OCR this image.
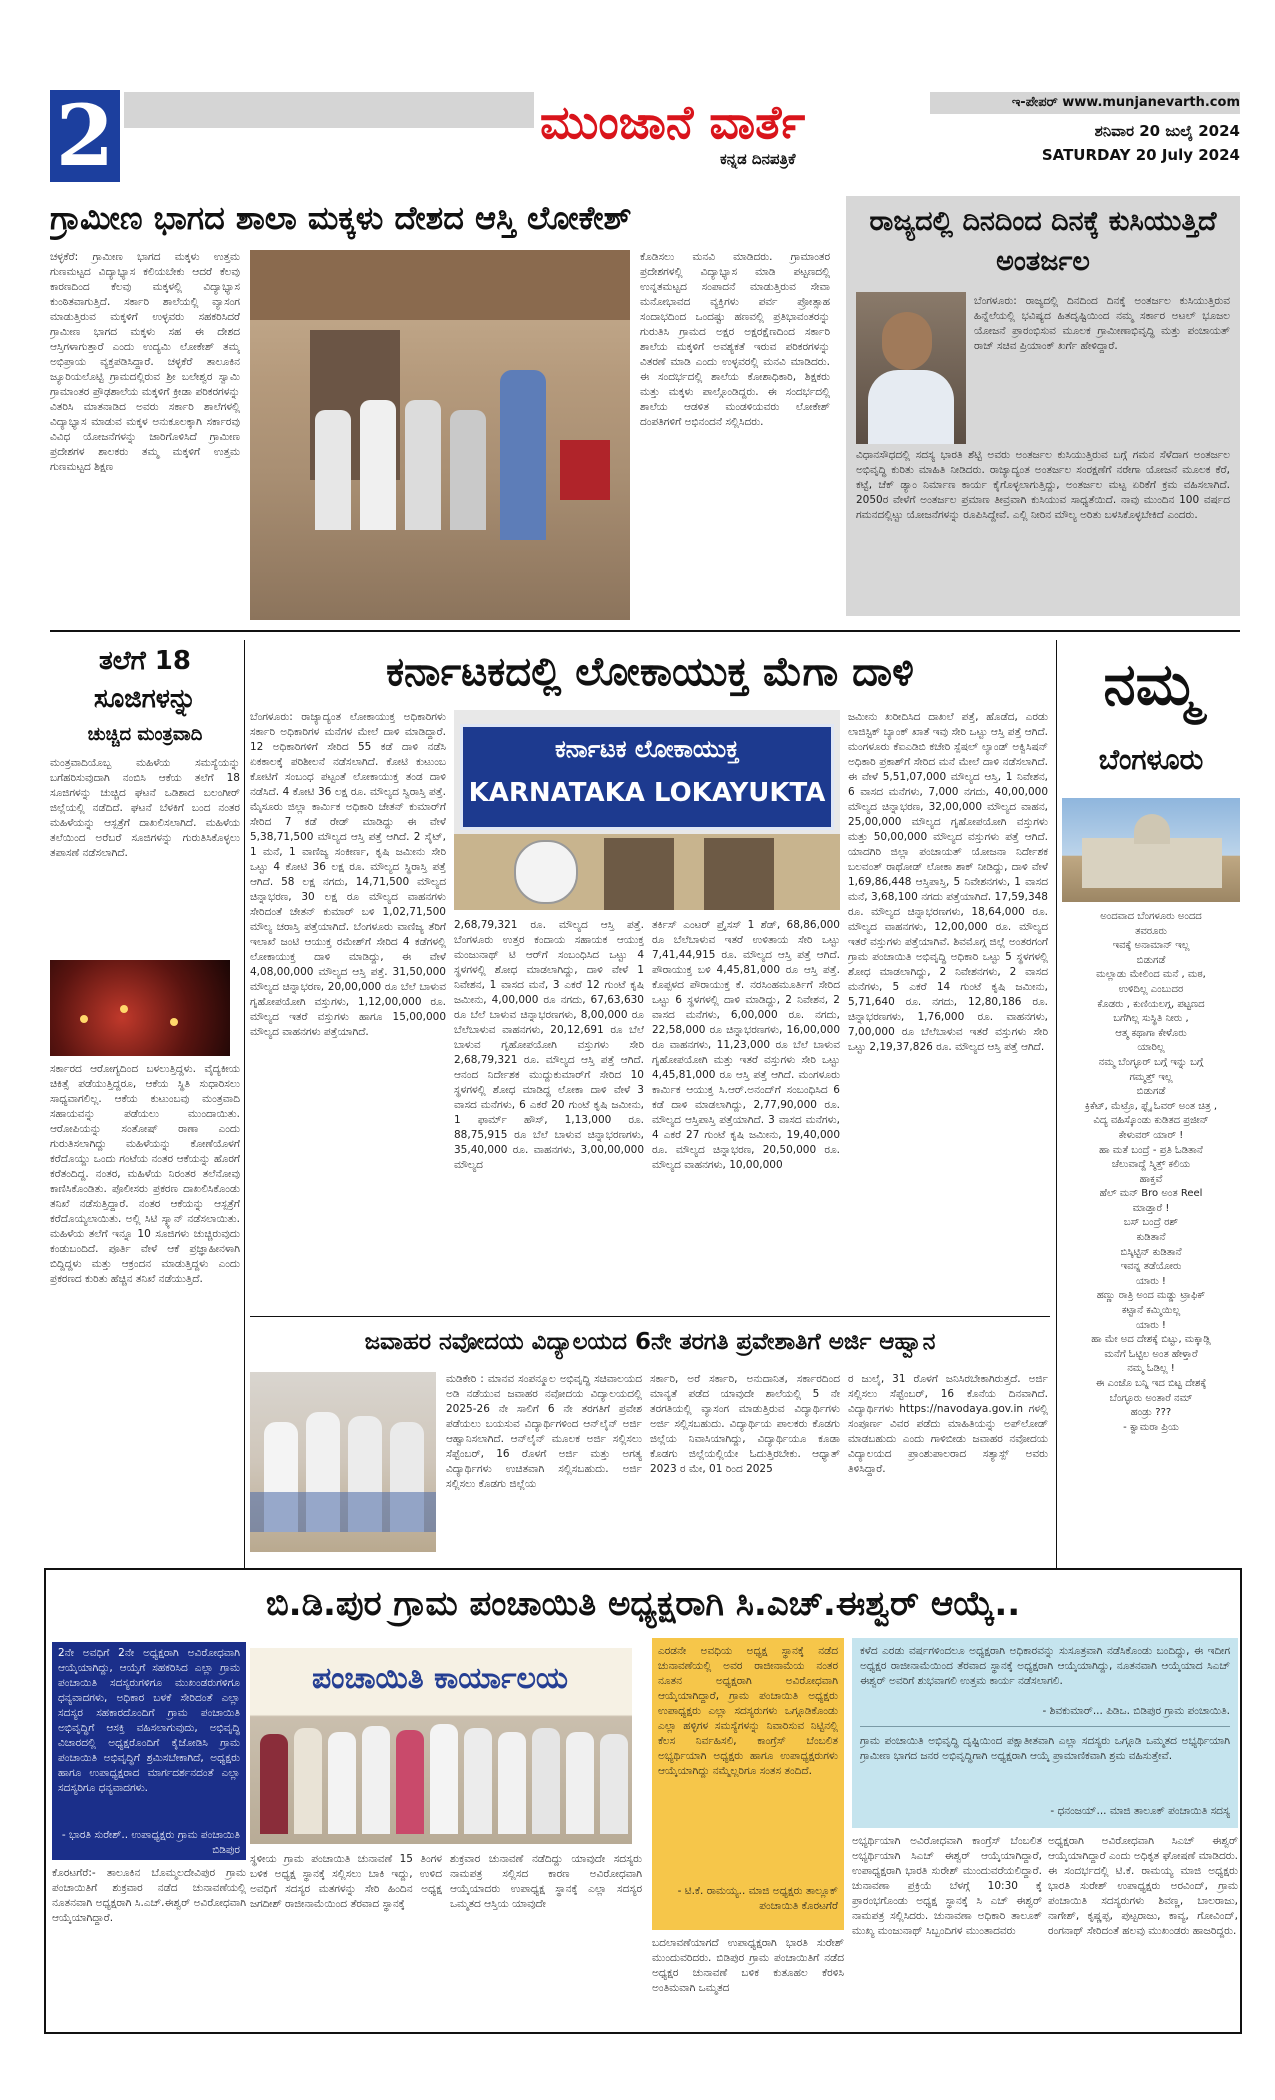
2	ಮುಂಜಾನೆ ವಾರ್ತೆ
ಕನ್ನಡ ದಿನಪತ್ರಿಕೆ
ಇ-ಪೇಪರ್ www.munjanevarth.com
ಶನಿವಾರ 20 ಜುಲೈ 2024
SATURDAY 20 July 2024
ಗ್ರಾಮೀಣ ಭಾಗದ ಶಾಲಾ ಮಕ್ಕಳು ದೇಶದ ಆಸ್ತಿ ಲೋಕೇಶ್
ಚಳ್ಳಕೆರೆ: ಗ್ರಾಮೀಣ ಭಾಗದ ಮಕ್ಕಳು ಉತ್ತಮ ಗುಣಮಟ್ಟದ ವಿದ್ಯಾಭ್ಯಾಸ ಕಲಿಯಬೇಕು ಆದರೆ ಕೆಲವು ಕಾರಣದಿಂದ ಕೆಲವು ಮಕ್ಕಳಲ್ಲಿ ವಿದ್ಯಾಭ್ಯಾಸ ಕುಂಠಿತವಾಗುತ್ತಿದೆ. ಸರ್ಕಾರಿ ಶಾಲೆಯಲ್ಲಿ ವ್ಯಾಸಂಗ ಮಾಡುತ್ತಿರುವ ಮಕ್ಕಳಿಗೆ ಉಳ್ಳವರು ಸಹಕರಿಸಿದರೆ ಗ್ರಾಮೀಣ ಭಾಗದ ಮಕ್ಕಳು ಸಹ ಈ ದೇಶದ ಆಸ್ತಿಗಳಾಗುತ್ತಾರೆ ಎಂದು ಉದ್ಯಮಿ ಲೋಕೇಶ್ ತಮ್ಮ ಅಭಿಪ್ರಾಯ ವ್ಯಕ್ತಪಡಿಸಿದ್ದಾರೆ. ಚಳ್ಳಕೆರೆ ತಾಲೂಕಿನ ಜ್ಯೂರಿಯಲೊಟ್ಟಿ ಗ್ರಾಮದಲ್ಲಿರುವ ಶ್ರೀ ಬಲೇಶ್ವರ ಸ್ವಾಮಿ ಗ್ರಾಮಾಂತರ ಪ್ರೌಢಶಾಲೆಯ ಮಕ್ಕಳಿಗೆ ಕ್ರೀಡಾ ಪರಿಕರಗಳನ್ನು ವಿತರಿಸಿ ಮಾತನಾಡಿದ ಅವರು ಸರ್ಕಾರಿ ಶಾಲೆಗಳಲ್ಲಿ ವಿದ್ಯಾಭ್ಯಾಸ ಮಾಡುವ ಮಕ್ಕಳ ಅನುಕೂಲಕ್ಕಾಗಿ ಸರ್ಕಾರವು ವಿವಿಧ ಯೋಜನೆಗಳನ್ನು ಜಾರಿಗೊಳಿಸಿದೆ ಗ್ರಾಮೀಣ ಪ್ರದೇಶಗಳ ಶಾಲಕರು ತಮ್ಮ ಮಕ್ಕಳಿಗೆ ಉತ್ತಮ ಗುಣಮಟ್ಟದ ಶಿಕ್ಷಣ
ಕೊಡಿಸಲು ಮನವಿ ಮಾಡಿದರು. ಗ್ರಾಮಾಂತರ ಪ್ರದೇಶಗಳಲ್ಲಿ ವಿದ್ಯಾಭ್ಯಾಸ ಮಾಡಿ ಪಟ್ಟಣದಲ್ಲಿ ಉನ್ನತಮಟ್ಟದ ಸಂಪಾದನೆ ಮಾಡುತ್ತಿರುವ ಸೇವಾ ಮನೋಭಾವದ ವ್ಯಕ್ತಿಗಳು ಪರ್ವ ಪ್ರೋತ್ಸಾಹ ಸಂದಾಭದಿಂದ ಒಂದಷ್ಟು ಹಣವಲ್ಲಿ ಪ್ರತಿಭಾವಂತರನ್ನು ಗುರುತಿಸಿ ಗ್ರಾಮದ ಅಕ್ಷರ ಅಕ್ಷರಕ್ಷೆಣದಿಂದ ಸರ್ಕಾರಿ ಶಾಲೆಯ ಮಕ್ಕಳಿಗೆ ಅವಶ್ಯಕತೆ ಇರುವ ಪರಿಕರಗಳನ್ನು ವಿತರಣೆ ಮಾಡಿ ಎಂದು ಉಳ್ಳವರಲ್ಲಿ ಮನವಿ ಮಾಡಿದರು. ಈ ಸಂದರ್ಭದಲ್ಲಿ ಶಾಲೆಯ ಕೋಶಾಧಿಕಾರಿ, ಶಿಕ್ಷಕರು ಮತ್ತು ಮಕ್ಕಳು ಪಾಲ್ಗೊಂಡಿದ್ದರು. ಈ ಸಂದರ್ಭದಲ್ಲಿ ಶಾಲೆಯ ಆಡಳಿತ ಮಂಡಳಿಯವರು ಲೋಕೇಶ್ ದಂಪತಿಗಳಿಗೆ ಅಭಿನಂದನೆ ಸಲ್ಲಿಸಿದರು.
ರಾಜ್ಯದಲ್ಲಿ ದಿನದಿಂದ ದಿನಕ್ಕೆ ಕುಸಿಯುತ್ತಿದೆ ಅಂತರ್ಜಲ
ಬೆಂಗಳೂರು: ರಾಜ್ಯದಲ್ಲಿ ದಿನದಿಂದ ದಿನಕ್ಕೆ ಅಂತರ್ಜಲ ಕುಸಿಯುತ್ತಿರುವ ಹಿನ್ನೆಲೆಯಲ್ಲಿ ಭವಿಷ್ಯದ ಹಿತದೃಷ್ಟಿಯಿಂದ ನಮ್ಮ ಸರ್ಕಾರ ಅಟಲ್ ಭೂಜಲ ಯೋಜನೆ ಪ್ರಾರಂಭಿಸುವ ಮೂಲಕ ಗ್ರಾಮೀಣಾಭಿವೃದ್ಧಿ ಮತ್ತು ಪಂಚಾಯತ್ ರಾಜ್ ಸಚಿವ ಪ್ರಿಯಾಂಕ್ ಖರ್ಗೆ ಹೇಳಿದ್ದಾರೆ.
ವಿಧಾನಸೌಧದಲ್ಲಿ ಸದಸ್ಯ ಭಾರತಿ ಶೆಟ್ಟಿ ಅವರು ಅಂತರ್ಜಲ ಕುಸಿಯುತ್ತಿರುವ ಬಗ್ಗೆ ಗಮನ ಸೆಳೆದಾಗ ಅಂತರ್ಜಲ ಅಭಿವೃದ್ಧಿ ಕುರಿತು ಮಾಹಿತಿ ನೀಡಿದರು. ರಾಜ್ಯಾದ್ಯಂತ ಅಂತರ್ಜಲ ಸಂರಕ್ಷಣೆಗೆ ನರೇಗಾ ಯೋಜನೆ ಮೂಲಕ ಕೆರೆ, ಕಟ್ಟೆ, ಚೆಕ್ ಡ್ಯಾಂ ನಿರ್ಮಾಣ ಕಾರ್ಯ ಕೈಗೊಳ್ಳಲಾಗುತ್ತಿದ್ದು, ಅಂತರ್ಜಲ ಮಟ್ಟ ಏರಿಕೆಗೆ ಕ್ರಮ ವಹಿಸಲಾಗಿದೆ. 2050ರ ವೇಳೆಗೆ ಅಂತರ್ಜಲ ಪ್ರಮಾಣ ತೀವ್ರವಾಗಿ ಕುಸಿಯುವ ಸಾಧ್ಯತೆಯಿದೆ. ನಾವು ಮುಂದಿನ 100 ವರ್ಷದ ಗಮನದಲ್ಲಿಟ್ಟು ಯೋಜನೆಗಳನ್ನು ರೂಪಿಸಿದ್ದೇವೆ. ಎಲ್ಲಿ ನೀರಿನ ಮೌಲ್ಯ ಅರಿತು ಬಳಸಿಕೊಳ್ಳಬೇಕಿದೆ ಎಂದರು.
ತಲೆಗೆ 18
ಸೂಜಿಗಳನ್ನು
ಚುಚ್ಚಿದ ಮಂತ್ರವಾದಿ
ಮಂತ್ರವಾದಿಯೊಬ್ಬ ಮಹಿಳೆಯ ಸಮಸ್ಯೆಯನ್ನು ಬಗೆಹರಿಸುವುದಾಗಿ ನಂಬಿಸಿ ಆಕೆಯ ತಲೆಗೆ 18 ಸೂಜಿಗಳನ್ನು ಚುಚ್ಚಿದ ಘಟನೆ ಒಡಿಶಾದ ಬಲಂಗೀರ್ ಜಿಲ್ಲೆಯಲ್ಲಿ ನಡೆದಿದೆ. ಘಟನೆ ಬೆಳಕಿಗೆ ಬಂದ ನಂತರ ಮಹಿಳೆಯನ್ನು ಆಸ್ಪತ್ರೆಗೆ ದಾಖಲಿಸಲಾಗಿದೆ. ಮಹಿಳೆಯ ತಲೆಯಿಂದ ಅರೆಬರೆ ಸೂಜಿಗಳನ್ನು ಗುರುತಿಸಿಕೊಳ್ಳಲು ತಪಾಸಣೆ ನಡೆಸಲಾಗಿದೆ.
ಸರ್ಕಾರದ ಆರೋಗ್ಯದಿಂದ ಬಳಲುತ್ತಿದ್ದಳು. ವೈದ್ಯಕೀಯ ಚಿಕಿತ್ಸೆ ಪಡೆಯುತ್ತಿದ್ದರೂ, ಆಕೆಯ ಸ್ಥಿತಿ ಸುಧಾರಿಸಲು ಸಾಧ್ಯವಾಗಲಿಲ್ಲ. ಆಕೆಯ ಕುಟುಂಬವು ಮಂತ್ರವಾದಿ ಸಹಾಯವನ್ನು ಪಡೆಯಲು ಮುಂದಾಯಿತು. ಆರೋಪಿಯನ್ನು ಸಂತೋಷ್ ರಾಣಾ ಎಂದು ಗುರುತಿಸಲಾಗಿದ್ದು ಮಹಿಳೆಯನ್ನು ಕೋಣೆಯೊಳಗೆ ಕರೆದೊಯ್ದು ಒಂದು ಗಂಟೆಯ ನಂತರ ಆಕೆಯನ್ನು ಹೊರಗೆ ಕರೆತಂದಿದ್ದ. ನಂತರ, ಮಹಿಳೆಯ ನಿರಂತರ ತಲೆನೋವು ಕಾಣಿಸಿಕೊಂಡಿತು. ಪೊಲೀಸರು ಪ್ರಕರಣ ದಾಖಲಿಸಿಕೊಂಡು ತನಿಖೆ ನಡೆಸುತ್ತಿದ್ದಾರೆ. ನಂತರ ಆಕೆಯನ್ನು ಆಸ್ಪತ್ರೆಗೆ ಕರೆದೊಯ್ಯಲಾಯಿತು. ಅಲ್ಲಿ ಸಿಟಿ ಸ್ಕ್ಯಾನ್ ನಡೆಸಲಾಯಿತು. ಮಹಿಳೆಯ ತಲೆಗೆ ಇನ್ನೂ 10 ಸೂಜಿಗಳು ಚುಚ್ಚಿರುವುದು ಕಂಡುಬಂದಿದೆ. ಪೂರ್ತಿ ವೇಳೆ ಆಕೆ ಪ್ರಜ್ಞಾಹೀನಳಾಗಿ ಬಿದ್ದಿದ್ದಳು ಮತ್ತು ಆಕ್ರಂದನ ಮಾಡುತ್ತಿದ್ದಳು ಎಂದು ಪ್ರಕರಣದ ಕುರಿತು ಹೆಚ್ಚಿನ ತನಿಖೆ ನಡೆಯುತ್ತಿದೆ.
ಕರ್ನಾಟಕದಲ್ಲಿ ಲೋಕಾಯುಕ್ತ ಮೆಗಾ ದಾಳಿ
ಬೆಂಗಳೂರು: ರಾಜ್ಯಾದ್ಯಂತ ಲೋಕಾಯುಕ್ತ ಅಧಿಕಾರಿಗಳು ಸರ್ಕಾರಿ ಅಧಿಕಾರಿಗಳ ಮನೆಗಳ ಮೇಲೆ ದಾಳಿ ಮಾಡಿದ್ದಾರೆ. 12 ಅಧಿಕಾರಿಗಳಿಗೆ ಸೇರಿದ 55 ಕಡೆ ದಾಳಿ ನಡೆಸಿ ಏಕಕಾಲಕ್ಕೆ ಪರಿಶೀಲನೆ ನಡೆಸಲಾಗಿದೆ. ಕೋಟಿ ಕುಟುಂಬ ಕೋಟಿಗೆ ಸಂಬಂಧ ಪಟ್ಟಂತೆ ಲೋಕಾಯುಕ್ತ ತಂಡ ದಾಳಿ ನಡೆಸಿದೆ. 4 ಕೋಟಿ 36 ಲಕ್ಷ ರೂ. ಮೌಲ್ಯದ ಸ್ವಿರಾಸ್ತಿ ಪತ್ತೆ. ಮೈಸೂರು ಜಿಲ್ಲಾ ಕಾರ್ಮಿಕ ಅಧಿಕಾರಿ ಚೇತನ್ ಕುಮಾರ್‌ಗೆ ಸೇರಿದ 7 ಕಡೆ ರೇಡ್ ಮಾಡಿದ್ದು ಈ ವೇಳೆ 5,38,71,500 ಮೌಲ್ಯದ ಆಸ್ತಿ ಪತ್ತೆ ಆಗಿದೆ. 2 ಸೈಟ್, 1 ಮನೆ, 1 ವಾಣಿಜ್ಯ ಸಂಕೀರ್ಣ, ಕೃಷಿ ಜಮೀನು ಸೇರಿ ಒಟ್ಟು 4 ಕೋಟಿ 36 ಲಕ್ಷ ರೂ. ಮೌಲ್ಯದ ಸ್ಥಿರಾಸ್ತಿ ಪತ್ತೆ ಆಗಿದೆ. 58 ಲಕ್ಷ ನಗದು, 14,71,500 ಮೌಲ್ಯದ ಚಿನ್ನಾಭರಣ, 30 ಲಕ್ಷ ರೂ ಮೌಲ್ಯದ ವಾಹನಗಳು ಸೇರಿದಂತೆ ಚೇತನ್ ಕುಮಾರ್ ಬಳಿ 1,02,71,500 ಮೌಲ್ಯ ಚರಾಸ್ತಿ ಪತ್ತೆಯಾಗಿದೆ. ಬೆಂಗಳೂರು ವಾಣಿಜ್ಯ ತೆರಿಗೆ ಇಲಾಖೆ ಜಂಟಿ ಆಯುಕ್ತ ರಮೇಶ್‌ಗೆ ಸೇರಿದ 4 ಕಡೆಗಳಲ್ಲಿ ಲೋಕಾಯುಕ್ತ ದಾಳಿ ಮಾಡಿದ್ದು, ಈ ವೇಳೆ 4,08,00,000 ಮೌಲ್ಯದ ಆಸ್ತಿ ಪತ್ತೆ. 31,50,000 ಮೌಲ್ಯದ ಚಿನ್ನಾಭರಣ, 20,00,000 ರೂ ಬೆಲೆ ಬಾಳುವ ಗೃಹೋಪಯೋಗಿ ವಸ್ತುಗಳು, 1,12,00,000 ರೂ. ಮೌಲ್ಯದ ಇತರೆ ವಸ್ತುಗಳು ಹಾಗೂ 15,00,000 ಮೌಲ್ಯದ ವಾಹನಗಳು ಪತ್ತೆಯಾಗಿದೆ.
ಕರ್ನಾಟಕ ಲೋಕಾಯುಕ್ತ
KARNATAKA LOKAYUKTA
2,68,79,321 ರೂ. ಮೌಲ್ಯದ ಆಸ್ತಿ ಪತ್ತೆ. ಬೆಂಗಳೂರು ಉತ್ತರ ಕಂದಾಯ ಸಹಾಯಕ ಆಯುಕ್ತ ಮಂಜುನಾಥ್ ಟಿ ಆರ್‌ಗೆ ಸಂಬಂಧಿಸಿದ ಒಟ್ಟು 4 ಸ್ಥಳಗಳಲ್ಲಿ ಶೋಧ ಮಾಡಲಾಗಿದ್ದು, ದಾಳಿ ವೇಳೆ 1 ನಿವೇಶನ, 1 ವಾಸದ ಮನೆ, 3 ಎಕರೆ 12 ಗುಂಟೆ ಕೃಷಿ ಜಮೀನು, 4,00,000 ರೂ ನಗದು, 67,63,630 ರೂ ಬೆಲೆ ಬಾಳುವ ಚಿನ್ನಾಭರಣಗಳು, 8,00,000 ರೂ ಬೆಲೆಬಾಳುವ ವಾಹನಗಳು, 20,12,691 ರೂ ಬೆಲೆ ಬಾಳುವ ಗೃಹೋಪಯೋಗಿ ವಸ್ತುಗಳು ಸೇರಿ 2,68,79,321 ರೂ. ಮೌಲ್ಯದ ಆಸ್ತಿ ಪತ್ತೆ ಆಗಿದೆ. ಆನಂದ ನಿರ್ದೇಶಕ ಮುದ್ದುಕುಮಾರ್‌ಗೆ ಸೇರಿದ 10 ಸ್ಥಳಗಳಲ್ಲಿ ಶೋಧ ಮಾಡಿದ್ದ ಲೋಕಾ ದಾಳಿ ವೇಳೆ 3 ವಾಸದ ಮನೆಗಳು, 6 ಎಕರೆ 20 ಗುಂಟೆ ಕೃಷಿ ಜಮೀನು, 1 ಫಾರ್ಮ್ ಹೌಸ್, 1,13,000 ರೂ. 88,75,915 ರೂ ಬೆಲೆ ಬಾಳುವ ಚಿನ್ನಾಭರಣಗಳು, 35,40,000 ರೂ. ವಾಹನಗಳು, 3,00,00,000 ಮೌಲ್ಯದ
ತರ್ಕಿಸ್ ಎಂಟರ್ ಪ್ರೈಸಸ್ 1 ಶೆಡ್, 68,86,000 ರೂ ಬೆಲೆಬಾಳುವ ಇತರೆ ಉಳಿತಾಯ ಸೇರಿ ಒಟ್ಟು 7,41,44,915 ರೂ. ಮೌಲ್ಯದ ಆಸ್ತಿ ಪತ್ತೆ ಆಗಿದೆ. ಪೌರಾಯುಕ್ತ ಬಳಿ 4,45,81,000 ರೂ ಆಸ್ತಿ ಪತ್ತೆ. ಕೊಪ್ಪಳದ ಪೌರಾಯುಕ್ತ ಕೆ. ನರಸಿಂಹಮೂರ್ತಿಗೆ ಸೇರಿದ ಒಟ್ಟು 6 ಸ್ಥಳಗಳಲ್ಲಿ ದಾಳಿ ಮಾಡಿದ್ದು, 2 ನಿವೇಶನ, 2 ವಾಸದ ಮನೆಗಳು, 6,00,000 ರೂ. ನಗದು, 22,58,000 ರೂ ಚಿನ್ನಾಭರಣಗಳು, 16,00,000 ರೂ ವಾಹನಗಳು, 11,23,000 ರೂ ಬೆಲೆ ಬಾಳುವ ಗೃಹೋಪಯೋಗಿ ಮತ್ತು ಇತರೆ ವಸ್ತುಗಳು ಸೇರಿ ಒಟ್ಟು 4,45,81,000 ರೂ ಆಸ್ತಿ ಪತ್ತೆ ಆಗಿದೆ. ಮಂಗಳೂರು ಕಾರ್ಮಿಕ ಆಯುಕ್ತ ಸಿ.ಆರ್.ಅನಂದ್‌ಗೆ ಸಂಬಂಧಿಸಿದ 6 ಕಡೆ ದಾಳಿ ಮಾಡಲಾಗಿದ್ದು, 2,77,90,000 ರೂ. ಮೌಲ್ಯದ ಆಸ್ತಿಪಾಸ್ತಿ ಪತ್ತೆಯಾಗಿದೆ. 3 ವಾಸದ ಮನೆಗಳು, 4 ಎಕರೆ 27 ಗುಂಟೆ ಕೃಷಿ ಜಮೀನು, 19,40,000 ರೂ. ಮೌಲ್ಯದ ಚಿನ್ನಾಭರಣ, 20,50,000 ರೂ. ಮೌಲ್ಯದ ವಾಹನಗಳು, 10,00,000
ಜಮೀನು ಖರೀದಿಸಿದ ದಾಖಲೆ ಪತ್ತೆ, ಹೊಡೆದ, ಎರಡು ಲಾಜಿಸ್ಟಿಕ್ ಬ್ಯಾಂಕ್ ಖಾತೆ ಇವು ಸೇರಿ ಒಟ್ಟು ಆಸ್ತಿ ಪತ್ತೆ ಆಗಿದೆ. ಮಂಗಳೂರು ಕೆಐಎಡಿಬಿ ಕಚೇರಿ ಸ್ಪೆಷಲ್ ಲ್ಯಾಂಡ್ ಅಕ್ವಿಸಿಷನ್ ಅಧಿಕಾರಿ ಪ್ರಕಾಶ್‌ಗೆ ಸೇರಿದ ಮನೆ ಮೇಲೆ ದಾಳಿ ನಡೆಸಲಾಗಿದೆ. ಈ ವೇಳೆ 5,51,07,000 ಮೌಲ್ಯದ ಆಸ್ತಿ, 1 ನಿವೇಶನ, 6 ವಾಸದ ಮನೆಗಳು, 7,000 ನಗದು, 40,00,000 ಮೌಲ್ಯದ ಚಿನ್ನಾಭರಣ, 32,00,000 ಮೌಲ್ಯದ ವಾಹನ, 25,00,000 ಮೌಲ್ಯದ ಗೃಹೋಪಯೋಗಿ ವಸ್ತುಗಳು ಮತ್ತು 50,00,000 ಮೌಲ್ಯದ ವಸ್ತುಗಳು ಪತ್ತೆ ಆಗಿದೆ. ಯಾದಗಿರಿ ಜಿಲ್ಲಾ ಪಂಚಾಯತ್ ಯೋಜನಾ ನಿರ್ದೇಶಕ ಬಲವಂತ್ ರಾಥೋಡ್ ಲೋಕಾ ಶಾಕ್ ನೀಡಿದ್ದು, ದಾಳಿ ವೇಳೆ 1,69,86,448 ಆಸ್ತಿಪಾಸ್ತಿ, 5 ನಿವೇಶನಗಳು, 1 ವಾಸದ ಮನೆ, 3,68,100 ನಗದು ಪತ್ತೆಯಾಗಿದೆ. 17,59,348 ರೂ. ಮೌಲ್ಯದ ಚಿನ್ನಾಭರಣಗಳು, 18,64,000 ರೂ. ಮೌಲ್ಯದ ವಾಹನಗಳು, 12,00,000 ರೂ. ಮೌಲ್ಯದ ಇತರೆ ವಸ್ತುಗಳು ಪತ್ತೆಯಾಗಿವೆ. ಶಿವಮೊಗ್ಗ ಜಿಲ್ಲೆ ಅಂತರಗಂಗೆ ಗ್ರಾಮ ಪಂಚಾಯಿತಿ ಅಭಿವೃದ್ಧಿ ಅಧಿಕಾರಿ ಒಟ್ಟು 5 ಸ್ಥಳಗಳಲ್ಲಿ ಶೋಧ ಮಾಡಲಾಗಿದ್ದು, 2 ನಿವೇಶನಗಳು, 2 ವಾಸದ ಮನೆಗಳು, 5 ಎಕರೆ 14 ಗುಂಟೆ ಕೃಷಿ ಜಮೀನು, 5,71,640 ರೂ. ನಗದು, 12,80,186 ರೂ. ಚಿನ್ನಾಭರಣಗಳು, 1,76,000 ರೂ. ವಾಹನಗಳು, 7,00,000 ರೂ ಬೆಲೆಬಾಳುವ ಇತರೆ ವಸ್ತುಗಳು ಸೇರಿ ಒಟ್ಟು 2,19,37,826 ರೂ. ಮೌಲ್ಯದ ಆಸ್ತಿ ಪತ್ತೆ ಆಗಿದೆ.
ನಮ್ಮ
ಬೆಂಗಳೂರು
ಅಂದವಾದ ಬೆಂಗಳೂರು ಅಂದದ
ತವರೂರು
ಇವಕ್ಕೆ ಅನಾಮಾನ್ ಇಲ್ಲ
ಬಿಡುಗಡೆ
ಮಲ್ಲಾಡು ಮೇಲಿಂದ ಮನೆ , ಮಠ,
ಉಳಿದಿಲ್ಲ ಎಂಬುದರ
ಕೊಡರು , ಕುಣಿಯಲಗ್ಗ, ಪಟ್ಟಣದ
ಬಗೆಗಿಲ್ಲ ಸುಸ್ಥಿತಿ ನೀರು ,
ಆತ್ಮ ಕಥಾಗಾ ಕೇಳೊರು
ಯಾರಿಲ್ಲ
ನಮ್ಮ ಬೆಂಗ್ಳೂರ್ ಬಗ್ಗೆ ಇನ್ನು ಬಗ್ಗೆ
ಗಮ್ಮತ್ತ್ ಇಲ್ಲ
ಬಿಡುಗಡೆ
ಕ್ರಿಕೆಟ್, ಮೆಟ್ರೊ, ಫ್ಲೈ ಓವರ್ ಅಂತ ಚಿತ್ರ ,
ವಿದ್ಯ ವಹಿಸ್ಕೊಂಡು ಕುಡಿತದ ಪ್ರಜೀನ್
ಕೇಳುವರ್ ಯಾರ್ !
ಹಾ ಮತೆ ಬಂದ್ರೆ - ಪ್ರತಿ ಓಡಿತಾನೆ
ಚೆಲುವಾದ್ದೆ ಸ್ಮಿತ್ತ್ ಕಲಿಯ
ಹಾಕ್ತವೆ
ಹೆಲ್ ಮನ್ Bro ಅಂತ Reel
ಮಾಡ್ತಾರೆ !
ಬಸ್ ಬಂದ್ರೆ ರಶ್
ಕುಡಿತಾನೆ
ಬಿಸ್ಕಿಟ್ಟಿನ್ ಕುಡಿತಾನೆ
ಇವನ್ನ ತಡೆಯೋರು
ಯಾರು !
ಹಣ್ಣು ರಾತ್ರಿ ಅಂದ ಮಡ್ಡು ಟ್ರಾಫಿಕ್
ಕಟ್ಟಾನೆ ಕಮ್ಮಿಯಿಲ್ಲ
ಯಾರು !
ಹಾ ಮೇ ಅದ ದೇಶಕ್ಕೆ ಬಿಟ್ಟು, ಮಕ್ಕಾಡ್ಲಿ
ಮನೆಗೆ ಓಟ್ಟಿಲ ಅಂತ ಹೇಳ್ತಾರೆ
ನಮ್ಮ ಓಡಿಲ್ಲ !
ಈ ಎಂಜೊ ಬನ್ನಿ ಇದ ಬಿಟ್ಟ ದೇಶಕ್ಕೆ
ಬೆಂಗ್ಳೂರು ಅಂತಾರೆ ನಮ್
ಹಂಡ್ರು ???
- ಕ್ವಾಮರಾ ಪ್ರಿಯ
ಜವಾಹರ ನವೋದಯ ವಿದ್ಯಾಲಯದ 6ನೇ ತರಗತಿ ಪ್ರವೇಶಾತಿಗೆ ಅರ್ಜಿ ಆಹ್ವಾನ
ಮಡಿಕೇರಿ : ಮಾನವ ಸಂಪನ್ಮೂಲ ಅಭಿವೃದ್ಧಿ ಸಚಿವಾಲಯದ ಅಡಿ ನಡೆಯುವ ಜವಾಹರ ನವೋದಯ ವಿದ್ಯಾಲಯದಲ್ಲಿ 2025-26 ನೇ ಸಾಲಿಗೆ 6 ನೇ ತರಗತಿಗೆ ಪ್ರವೇಶ ಪಡೆಯಲು ಬಯಸುವ ವಿದ್ಯಾರ್ಥಿಗಳಿಂದ ಆನ್‌ಲೈನ್ ಅರ್ಜಿ ಆಹ್ವಾನಿಸಲಾಗಿದೆ. ಆನ್‌ಲೈನ್ ಮೂಲಕ ಅರ್ಜಿ ಸಲ್ಲಿಸಲು ಸೆಪ್ಟೆಂಬರ್, 16 ರೊಳಗೆ ಅರ್ಜಿ ಮತ್ತು ಅಗತ್ಯ ವಿದ್ಯಾರ್ಥಿಗಳು ಉಚಿತವಾಗಿ ಸಲ್ಲಿಸಬಹುದು. ಅರ್ಜಿ ಸಲ್ಲಿಸಲು ಕೊಡಗು ಜಿಲ್ಲೆಯ
ಸರ್ಕಾರಿ, ಅರೆ ಸರ್ಕಾರಿ, ಅನುದಾನಿತ, ಸರ್ಕಾರದಿಂದ ಮಾನ್ಯತೆ ಪಡೆದ ಯಾವುದೇ ಶಾಲೆಯಲ್ಲಿ 5 ನೇ ತರಗತಿಯಲ್ಲಿ ವ್ಯಾಸಂಗ ಮಾಡುತ್ತಿರುವ ವಿದ್ಯಾರ್ಥಿಗಳು ಅರ್ಜಿ ಸಲ್ಲಿಸಬಹುದು. ವಿದ್ಯಾರ್ಥಿಯ ಪಾಲಕರು ಕೊಡಗು ಜಿಲ್ಲೆಯ ನಿವಾಸಿಯಾಗಿದ್ದು, ವಿದ್ಯಾರ್ಥಿಯೂ ಕೂಡಾ ಕೊಡಗು ಜಿಲ್ಲೆಯಲ್ಲಿಯೇ ಓದುತ್ತಿರಬೇಕು. ಆಧ್ಯಾತ್ 2023 ರ ಮೇ, 01 ರಿಂದ 2025
ರ ಜುಲೈ, 31 ರೊಳಗೆ ಜನಿಸಿರಬೇಕಾಗಿರುತ್ತದೆ. ಅರ್ಜಿ ಸಲ್ಲಿಸಲು ಸೆಪ್ಟೆಂಬರ್, 16 ಕೊನೆಯ ದಿನವಾಗಿದೆ. ವಿದ್ಯಾರ್ಥಿಗಳು https://navodaya.gov.in ಗಳಲ್ಲಿ ಸಂಪೂರ್ಣ ವಿವರ ಪಡೆದು ಮಾಹಿತಿಯನ್ನು ಅಪ್‌ಲೋಡ್ ಮಾಡಬಹುದು ಎಂದು ಗಾಳಿಬೀಡು ಜವಾಹರ ನವೋದಯ ವಿದ್ಯಾಲಯದ ಪ್ರಾಂಶುಪಾಲರಾದ ಸತ್ಯಾಸ್ಪ್ ಅವರು ತಿಳಿಸಿದ್ದಾರೆ.
ಬಿ.ಡಿ.ಪುರ ಗ್ರಾಮ ಪಂಚಾಯಿತಿ ಅಧ್ಯಕ್ಷರಾಗಿ ಸಿ.ಎಚ್.ಈಶ್ವರ್ ಆಯ್ಕೆ..
2ನೇ ಅವಧಿಗೆ 2ನೇ ಅಧ್ಯಕ್ಷರಾಗಿ ಅವಿರೋಧವಾಗಿ ಆಯ್ಕೆಯಾಗಿದ್ದು, ಆಯ್ಕೆಗೆ ಸಹಕರಿಸಿದ ಎಲ್ಲಾ ಗ್ರಾಮ ಪಂಚಾಯಿತಿ ಸದಸ್ಯರುಗಳಿಗೂ ಮುಖಂಡರುಗಳಿಗೂ ಧನ್ಯವಾದಗಳು, ಅಧಿಕಾರ ಬಳಕೆ ಸೇರಿದಂತೆ ಎಲ್ಲಾ ಸದಸ್ಯರ ಸಹಕಾರದೊಂದಿಗೆ ಗ್ರಾಮ ಪಂಚಾಯಿತಿ ಅಭಿವೃದ್ಧಿಗೆ ಆಸಕ್ತಿ ವಹಿಸಲಾಗುವುದು, ಅಭಿವೃದ್ಧಿ ವಿಚಾರದಲ್ಲಿ ಅಧ್ಯಕ್ಷರೊಂದಿಗೆ ಕೈಜೋಡಿಸಿ ಗ್ರಾಮ ಪಂಚಾಯಿತಿ ಅಭಿವೃದ್ಧಿಗೆ ಶ್ರಮಿಸಬೇಕಾಗಿದೆ, ಅಧ್ಯಕ್ಷರು ಹಾಗೂ ಉಪಾಧ್ಯಕ್ಷರಾದ ಮಾರ್ಗದರ್ಶನದಂತೆ ಎಲ್ಲಾ ಸದಸ್ಯರಿಗೂ ಧನ್ಯವಾದಗಳು.
- ಭಾರತಿ ಸುರೇಶ್.. ಉಪಾಧ್ಯಕ್ಷರು ಗ್ರಾಮ ಪಂಚಾಯಿತಿ ಬಿಡಿಪುರ
ಪಂಚಾಯಿತಿ ಕಾರ್ಯಾಲಯ
ಎರಡನೇ ಅವಧಿಯ ಅಧ್ಯಕ್ಷ ಸ್ಥಾನಕ್ಕೆ ನಡೆದ ಚುನಾವಣೆಯಲ್ಲಿ ಅವರ ರಾಜೀನಾಮೆಯ ನಂತರ ನೂತನ ಅಧ್ಯಕ್ಷರಾಗಿ ಅವಿರೋಧವಾಗಿ ಆಯ್ಕೆಯಾಗಿದ್ದಾರೆ, ಗ್ರಾಮ ಪಂಚಾಯಿತಿ ಅಧ್ಯಕ್ಷರು ಉಪಾಧ್ಯಕ್ಷರು ಎಲ್ಲಾ ಸದಸ್ಯರುಗಳು ಒಗ್ಗೂಡಿಕೊಂಡು ಎಲ್ಲಾ ಹಳ್ಳಿಗಳ ಸಮಸ್ಯೆಗಳನ್ನು ನಿವಾರಿಸುವ ನಿಟ್ಟಿನಲ್ಲಿ ಕೆಲಸ ನಿರ್ವಹಿಸಲಿ, ಕಾಂಗ್ರೆಸ್ ಬೆಂಬಲಿತ ಅಭ್ಯರ್ಥಿಯಾಗಿ ಅಧ್ಯಕ್ಷರು ಹಾಗೂ ಉಪಾಧ್ಯಕ್ಷರುಗಳು ಆಯ್ಕೆಯಾಗಿದ್ದು ನಮ್ಮೆಲ್ಲರಿಗೂ ಸಂತಸ ತಂದಿದೆ.
- ಟಿ.ಕೆ. ರಾಮಯ್ಯ.. ಮಾಜಿ ಅಧ್ಯಕ್ಷರು ತಾಲ್ಲೂಕ್ ಪಂಚಾಯಿತಿ ಕೊರಟಗೆರೆ
ಕಳೆದ ಎರಡು ವರ್ಷಗಳಿಂದಲೂ ಅಧ್ಯಕ್ಷರಾಗಿ ಅಧಿಕಾರವನ್ನು ಸುಸೂತ್ರವಾಗಿ ನಡೆಸಿಕೊಂಡು ಬಂದಿದ್ದು, ಈ ಇದೀಗ ಅಧ್ಯಕ್ಷರ ರಾಜೀನಾಮೆಯಿಂದ ತೆರವಾದ ಸ್ಥಾನಕ್ಕೆ ಅಧ್ಯಕ್ಷರಾಗಿ ಆಯ್ಕೆಯಾಗಿದ್ದು, ನೂತನವಾಗಿ ಆಯ್ಕೆಯಾದ ಸಿಎಚ್ ಈಶ್ವರ್ ಅವರಿಗೆ ಶುಭವಾಗಲಿ ಉತ್ತಮ ಕಾರ್ಯ ನಡೆಸಲಾಗಲಿ.
- ಶಿವಕುಮಾರ್... ಪಿಡಿಒ. ಬಿಡಿಪುರ ಗ್ರಾಮ ಪಂಚಾಯಿತಿ.
ಗ್ರಾಮ ಪಂಚಾಯಿತಿ ಅಭಿವೃದ್ಧಿ ದೃಷ್ಟಿಯಿಂದ ಪಕ್ಷಾತೀತವಾಗಿ ಎಲ್ಲಾ ಸದಸ್ಯರು ಒಗ್ಗೂಡಿ ಒಮ್ಮತದ ಅಭ್ಯರ್ಥಿಯಾಗಿ ಗ್ರಾಮೀಣ ಭಾಗದ ಜನರ ಅಭಿವೃದ್ಧಿಗಾಗಿ ಅಧ್ಯಕ್ಷರಾಗಿ ಆಯ್ಕೆ ಪ್ರಾಮಾಣಿಕವಾಗಿ ಶ್ರಮ ವಹಿಸುತ್ತೇವೆ.
- ಧನಂಜಯ್... ಮಾಜಿ ತಾಲೂಕ್ ಪಂಚಾಯಿತಿ ಸದಸ್ಯ
ಕೊರಟಗೆರೆ:- ತಾಲೂಕಿನ ಬೊಮ್ಮಲದೇವಿಪುರ ಗ್ರಾಮ ಪಂಚಾಯಿತಿಗೆ ಶುಕ್ರವಾರ ನಡೆದ ಚುನಾವಣೆಯಲ್ಲಿ ನೂತನವಾಗಿ ಅಧ್ಯಕ್ಷರಾಗಿ ಸಿ.ಎಚ್.ಈಶ್ವರ್ ಅವಿರೋಧವಾಗಿ ಆಯ್ಕೆಯಾಗಿದ್ದಾರೆ.
ಸ್ಥಳೀಯ ಗ್ರಾಮ ಪಂಚಾಯಿತಿ ಚುನಾವಣೆ 15 ತಿಂಗಳ ಬಳಿಕ ಅಧ್ಯಕ್ಷ ಸ್ಥಾನಕ್ಕೆ ಸಲ್ಲಿಸಲು ಬಾಕಿ ಇದ್ದು, ಉಳಿದ ಅವಧಿಗೆ ಸದಸ್ಯರ ಮತಗಳನ್ನು ಸೇರಿ ಹಿಂದಿನ ಅಧ್ಯಕ್ಷ ಜಗದೀಶ್ ರಾಜೀನಾಮೆಯಿಂದ ತೆರವಾದ ಸ್ಥಾನಕ್ಕೆ
ಶುಕ್ರವಾರ ಚುನಾವಣೆ ನಡೆದಿದ್ದು ಯಾವುದೇ ಸದಸ್ಯರು ನಾಮಪತ್ರ ಸಲ್ಲಿಸದ ಕಾರಣ ಅವಿರೋಧವಾಗಿ ಆಯ್ಕೆಯಾದರು ಉಪಾಧ್ಯಕ್ಷ ಸ್ಥಾನಕ್ಕೆ ಎಲ್ಲಾ ಸದಸ್ಯರ ಒಮ್ಮತದ ಆಸ್ತಿಯ ಯಾವುದೇ
ಬದಲಾವಣೆಯಾಗದೆ ಉಪಾಧ್ಯಕ್ಷರಾಗಿ ಭಾರತಿ ಸುರೇಶ್ ಮುಂದುವರಿದರು. ಬಿಡಿಪುರ ಗ್ರಾಮ ಪಂಚಾಯಿತಿಗೆ ನಡೆದ ಅಧ್ಯಕ್ಷರ ಚುನಾವಣೆ ಬಳಿಕ ಕುತೂಹಲ ಕೆರಳಿಸಿ ಅಂತಿಮವಾಗಿ ಒಮ್ಮತದ
ಅಭ್ಯರ್ಥಿಯಾಗಿ ಅವಿರೋಧವಾಗಿ ಕಾಂಗ್ರೆಸ್ ಬೆಂಬಲಿತ ಅಭ್ಯರ್ಥಿಯಾಗಿ ಸಿಎಚ್ ಈಶ್ವರ್ ಆಯ್ಕೆಯಾಗಿದ್ದಾರೆ, ಉಪಾಧ್ಯಕ್ಷರಾಗಿ ಭಾರತಿ ಸುರೇಶ್ ಮುಂದುವರೆಯಲಿದ್ದಾರೆ. ಚುನಾವಣಾ ಪ್ರಕ್ರಿಯೆ ಬೆಳಗ್ಗೆ 10:30 ಕ್ಕೆ ಪ್ರಾರಂಭಗೊಂಡು ಅಧ್ಯಕ್ಷ ಸ್ಥಾನಕ್ಕೆ ಸಿ ಎಚ್ ಈಶ್ವರ್ ನಾಮಪತ್ರ ಸಲ್ಲಿಸಿದರು. ಚುನಾವಣಾ ಅಧಿಕಾರಿ ತಾಲೂಕ್ ಮುಖ್ಯ ಮಂಜುನಾಥ್ ಸಿಬ್ಬಂದಿಗಳ ಮುಂತಾದವರು
ಅಧ್ಯಕ್ಷರಾಗಿ ಅವಿರೋಧವಾಗಿ ಸಿಎಚ್ ಈಶ್ವರ್ ಆಯ್ಕೆಯಾಗಿದ್ದಾರೆ ಎಂದು ಅಧಿಕೃತ ಘೋಷಣೆ ಮಾಡಿದರು. ಈ ಸಂದರ್ಭದಲ್ಲಿ ಟಿ.ಕೆ. ರಾಮಯ್ಯ ಮಾಜಿ ಅಧ್ಯಕ್ಷರು ಭಾರತಿ ಸುರೇಶ್ ಉಪಾಧ್ಯಕ್ಷರು ಅರವಿಂದ್, ಗ್ರಾಮ ಪಂಚಾಯಿತಿ ಸದಸ್ಯರುಗಳು ಶಿವಣ್ಣ, ಬಾಲರಾಜು, ನಾಗೇಶ್, ಕೃಷ್ಣಪ್ಪ, ಪುಟ್ಟರಾಜು, ಕಾವ್ಯ, ಗೋವಿಂದ್, ರಂಗನಾಥ್ ಸೇರಿದಂತೆ ಹಲವು ಮುಖಂಡರು ಹಾಜರಿದ್ದರು.
